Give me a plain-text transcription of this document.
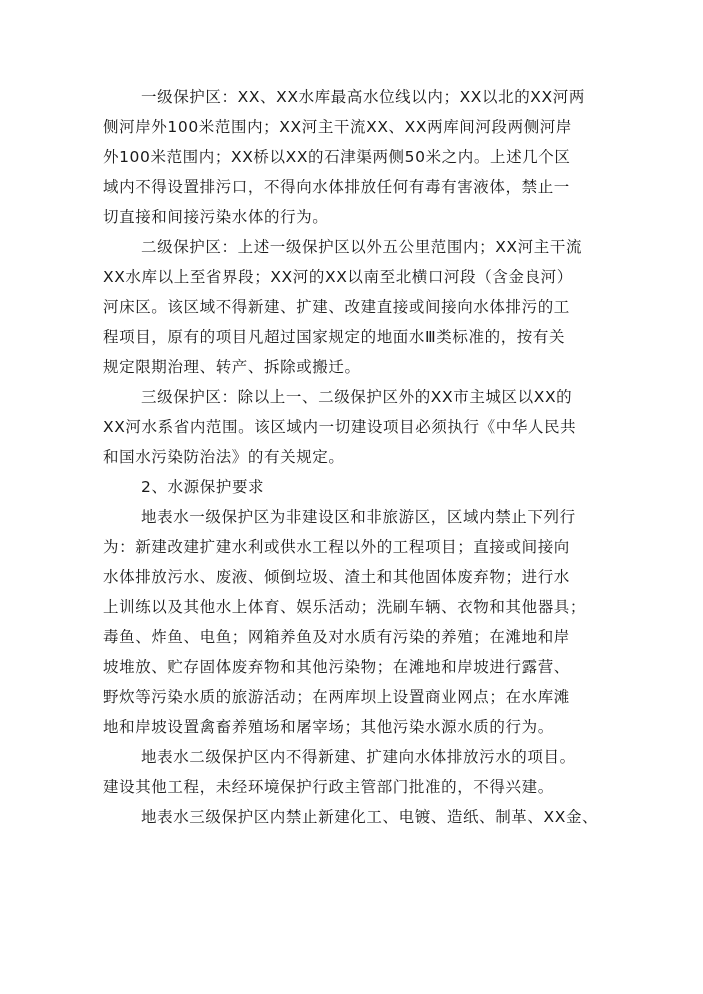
一级保护区：XX、XX水库最高水位线以内；XX以北的XX河两
侧河岸外100米范围内；XX河主干流XX、XX两库间河段两侧河岸
外100米范围内；XX桥以XX的石津渠两侧50米之内。上述几个区
域内不得设置排污口，不得向水体排放任何有毒有害液体，禁止一
切直接和间接污染水体的行为。
二级保护区：上述一级保护区以外五公里范围内；XX河主干流
XX水库以上至省界段；XX河的XX以南至北横口河段（含金良河）
河床区。该区域不得新建、扩建、改建直接或间接向水体排污的工
程项目，原有的项目凡超过国家规定的地面水Ⅲ类标准的，按有关
规定限期治理、转产、拆除或搬迁。
三级保护区：除以上一、二级保护区外的XX市主城区以XX的
XX河水系省内范围。该区域内一切建设项目必须执行《中华人民共
和国水污染防治法》的有关规定。
2、水源保护要求
地表水一级保护区为非建设区和非旅游区，区域内禁止下列行
为：新建改建扩建水利或供水工程以外的工程项目；直接或间接向
水体排放污水、废液、倾倒垃圾、渣土和其他固体废弃物；进行水
上训练以及其他水上体育、娱乐活动；洗刷车辆、衣物和其他器具；
毒鱼、炸鱼、电鱼；网箱养鱼及对水质有污染的养殖；在滩地和岸
坡堆放、贮存固体废弃物和其他污染物；在滩地和岸坡进行露营、
野炊等污染水质的旅游活动；在两库坝上设置商业网点；在水库滩
地和岸坡设置禽畜养殖场和屠宰场；其他污染水源水质的行为。
地表水二级保护区内不得新建、扩建向水体排放污水的项目。
建设其他工程，未经环境保护行政主管部门批准的，不得兴建。
地表水三级保护区内禁止新建化工、电镀、造纸、制革、XX金、
